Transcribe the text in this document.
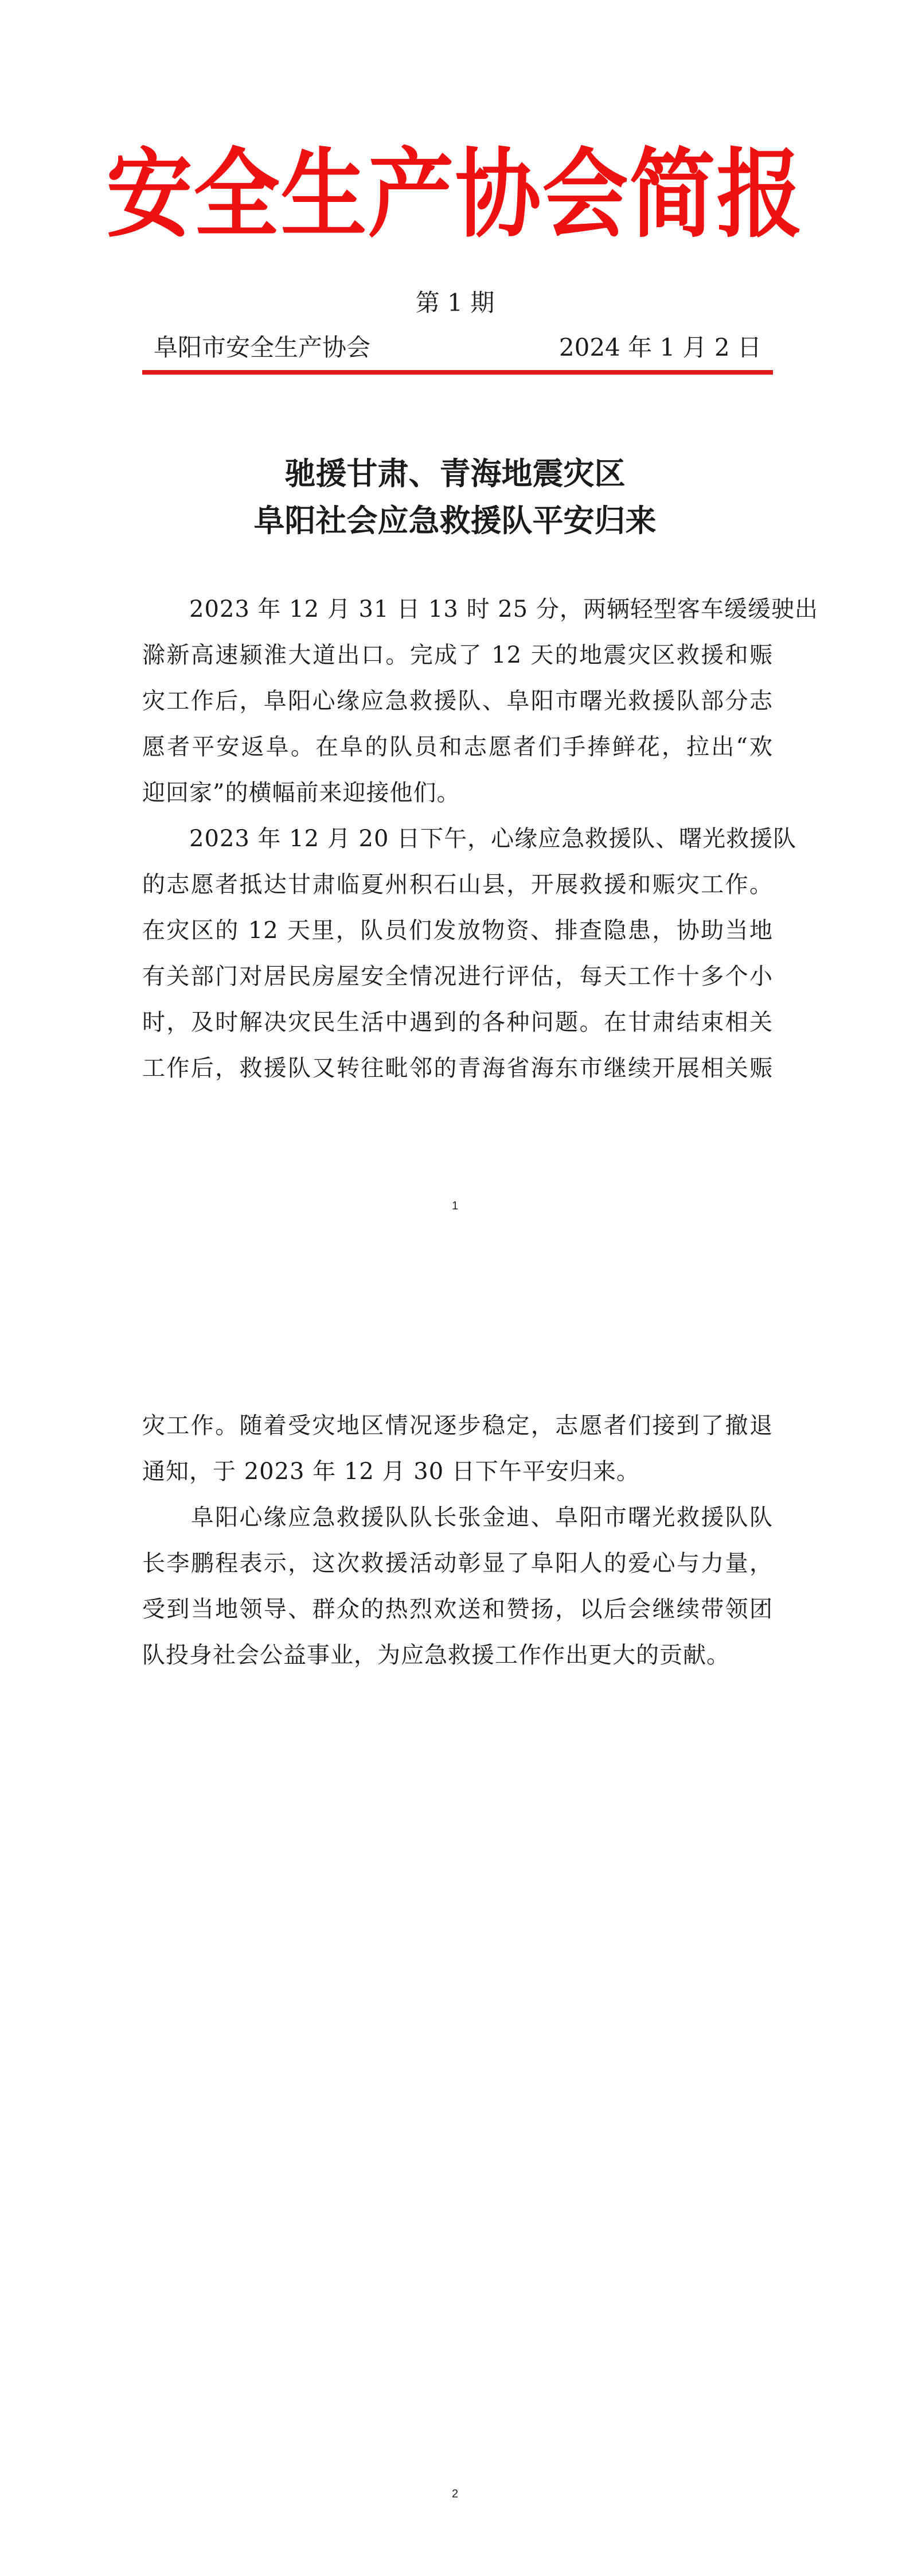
安全生产协会简报
第 1 期
阜阳市安全生产协会	2024 年 1 月 2 日
驰援甘肃、青海地震灾区
阜阳社会应急救援队平安归来
　　2023 年 12 月 31 日 13 时 25 分，两辆轻型客车缓缓驶出
滁新高速颍淮大道出口。完成了 12 天的地震灾区救援和赈
灾工作后，阜阳心缘应急救援队、阜阳市曙光救援队部分志
愿者平安返阜。在阜的队员和志愿者们手捧鲜花，拉出“欢
迎回家”的横幅前来迎接他们。
　　2023 年 12 月 20 日下午，心缘应急救援队、曙光救援队
的志愿者抵达甘肃临夏州积石山县，开展救援和赈灾工作。
在灾区的 12 天里，队员们发放物资、排查隐患，协助当地
有关部门对居民房屋安全情况进行评估，每天工作十多个小
时，及时解决灾民生活中遇到的各种问题。在甘肃结束相关
工作后，救援队又转往毗邻的青海省海东市继续开展相关赈
1
灾工作。随着受灾地区情况逐步稳定，志愿者们接到了撤退
通知，于 2023 年 12 月 30 日下午平安归来。
　　阜阳心缘应急救援队队长张金迪、阜阳市曙光救援队队
长李鹏程表示，这次救援活动彰显了阜阳人的爱心与力量，
受到当地领导、群众的热烈欢送和赞扬，以后会继续带领团
队投身社会公益事业，为应急救援工作作出更大的贡献。
2
